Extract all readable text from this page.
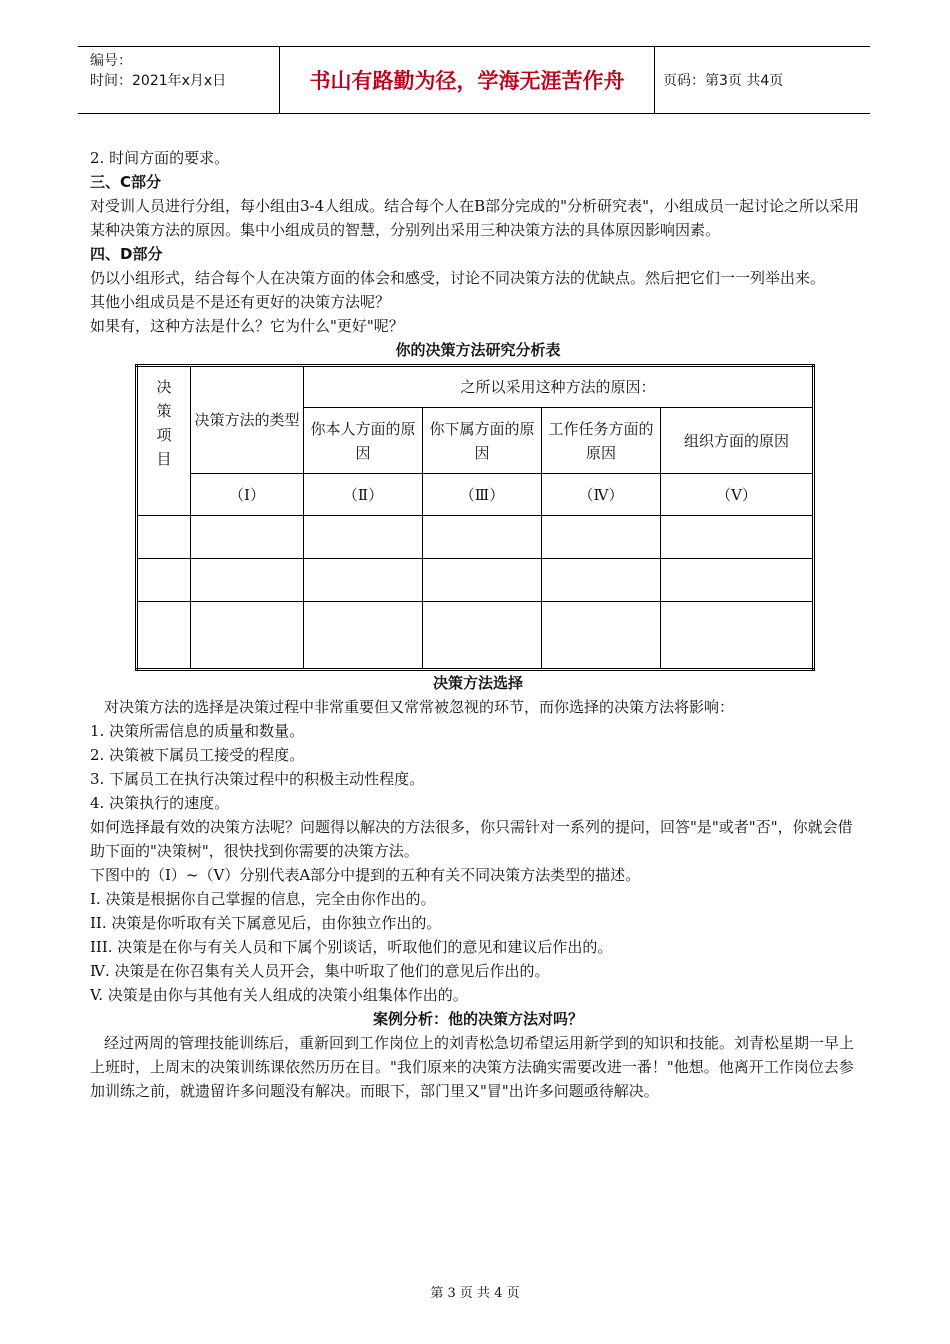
编号：
时间：2021年x月x日	书山有路勤为径，学海无涯苦作舟	页码：第3页 共4页

2. 时间方面的要求。

三、C部分

对受训人员进行分组，每小组由3-4人组成。结合每个人在B部分完成的"分析研究表"，小组成员一起讨论之所以采用某种决策方法的原因。集中小组成员的智慧，分别列出采用三种决策方法的具体原因影响因素。

四、D部分

仍以小组形式，结合每个人在决策方面的体会和感受，讨论不同决策方法的优缺点。然后把它们一一列举出来。

其他小组成员是不是还有更好的决策方法呢？

如果有，这种方法是什么？它为什么"更好"呢？

你的决策方法研究分析表

决策项目	决策方法的类型	之所以采用这种方法的原因：			
		你本人方面的原因	你下属方面的原因	工作任务方面的原因	组织方面的原因
	（Ⅰ）	（Ⅱ）	（Ⅲ）	（Ⅳ）	（Ⅴ）

决策方法选择

对决策方法的选择是决策过程中非常重要但又常常被忽视的环节，而你选择的决策方法将影响：

1. 决策所需信息的质量和数量。

2. 决策被下属员工接受的程度。

3. 下属员工在执行决策过程中的积极主动性程度。

4. 决策执行的速度。

如何选择最有效的决策方法呢？问题得以解决的方法很多，你只需针对一系列的提问，回答"是"或者"否"，你就会借助下面的"决策树"，很快找到你需要的决策方法。

下图中的（Ⅰ）~（Ⅴ）分别代表A部分中提到的五种有关不同决策方法类型的描述。

I. 决策是根据你自己掌握的信息，完全由你作出的。

II. 决策是你听取有关下属意见后，由你独立作出的。

III. 决策是在你与有关人员和下属个别谈话，听取他们的意见和建议后作出的。

Ⅳ. 决策是在你召集有关人员开会，集中听取了他们的意见后作出的。

V. 决策是由你与其他有关人组成的决策小组集体作出的。

案例分析：他的决策方法对吗？

经过两周的管理技能训练后，重新回到工作岗位上的刘青松急切希望运用新学到的知识和技能。刘青松星期一早上上班时，上周末的决策训练课依然历历在目。"我们原来的决策方法确实需要改进一番！"他想。他离开工作岗位去参加训练之前，就遗留许多问题没有解决。而眼下，部门里又"冒"出许多问题亟待解决。

第 3 页 共 4 页
